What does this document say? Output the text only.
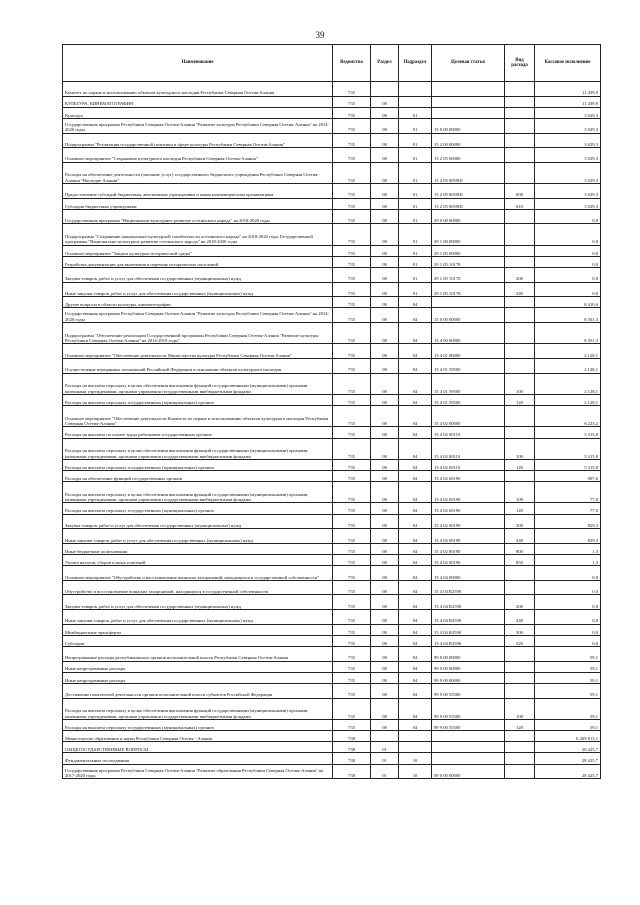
39
Наименование	Ведомство	Раздел	Подраздел	Целевая статья	Вид расхода	Кассовое исполнение
Комитет по охране и использованию объектов культурного наследия Республики Северная Осетия-Алания	735					11 439,9
КУЛЬТУРА, КИНЕМАТОГРАФИЯ	735	08				11 439,9
Культура	735	08	01			3 029,3
Государственная программа Республики Северная Осетия-Алания "Развитие культуры Республики Северная Осетия-Алания" на 2014-2020 годы	735	08	01	15 0 00 00000		3 029,3
Подпрограмма "Реализация государственной политики в сфере культуры Республики Северная Осетия-Алания"	735	08	01	15 2 00 00000		3 029,3
Основное мероприятие "Сохранение культурного наследия Республики Северная Осетия-Алания"	735	08	01	15 2 05 00000		3 029,3
Расходы на обеспечение деятельности (оказание услуг) государственного бюджетного учреждения Республики Северная Осетия-Алания "Наследие Алании"	735	08	01	15 2 05 0059Ш		3 029,3
Предоставление субсидий бюджетным, автономным учреждениям и иным некоммерческим организациям	735	08	01	15 2 05 0059Ш	600	3 029,3
Субсидии бюджетным учреждениям	735	08	01	15 2 05 0059Ш	610	3 029,3
Государственная программа "Национально-культурное развитие осетинского народа" на 2018-2020 годы	735	08	01	29 0 00 00000		0,0
Подпрограмма "Сохранение национально-культурной самобытности осетинского народа" на 2018-2020 годы Государственной программы "Национально-культурное развитие осетинского народа" на 2018-2020 годы	735	08	01	29 1 00 00000		0,0
Основное мероприятие "Защита культурно-исторической среды"	735	08	01	29 1 05 00000		0,0
Разработка документации для включения в перечень исторических поселений	735	08	01	29 1 05 10178		0,0
Закупка товаров, работ и услуг для обеспечения государственных (муниципальных) нужд	735	08	01	29 1 05 10178	200	0,0
Иные закупки товаров, работ и услуг для обеспечения государственных (муниципальных) нужд	735	08	01	29 1 05 10178	240	0,0
Другие вопросы в области культуры, кинематографии	735	08	04			8 410,6
Государственная программа Республики Северная Осетия-Алания "Развитие культуры Республики Северная Осетия-Алания" на 2014-2020 годы	735	08	04	15 0 00 00000		8 351,3
Подпрограмма "Обеспечение реализации Государственной программы Республики Северная Осетия-Алания "Развитие культуры Республики Северная Осетия-Алания" на 2014-2018 годы"	735	08	04	15 4 00 00000		8 351,3
Основное мероприятие "Обеспечение деятельности Министерства культуры Республики Северная Осетия-Алания"	735	08	04	15 4 01 00000		2 128,1
Осуществление переданных полномочий Российской Федерации в отношении объектов культурного наследия	735	08	04	15 4 01 59500		2 128,1
Расходы на выплаты персоналу в целях обеспечения выполнения функций государственными (муниципальными) органами, казенными учреждениями, органами управления государственными внебюджетными фондами	735	08	04	15 4 01 59500	100	2 128,1
Расходы на выплаты персоналу государственных (муниципальных) органов	735	08	04	15 4 01 59500	120	2 128,1
Основное мероприятие "Обеспечение деятельности Комитета по охране и использованию объектов культурного наследия Республики Северная Осетия-Алания"	735	08	04	15 4 02 00000		6 223,2
Расходы на выплаты по оплате труда работников государственных органов	735	08	04	15 4 02 00110		5 315,8
Расходы на выплаты персоналу в целях обеспечения выполнения функций государственными (муниципальными) органами, казенными учреждениями, органами управления государственными внебюджетными фондами	735	08	04	15 4 02 00110	100	5 315,8
Расходы на выплаты персоналу государственных (муниципальных) органов	735	08	04	15 4 02 00110	120	5 315,8
Расходы на обеспечение функций государственных органов	735	08	04	15 4 02 00190		907,6
Расходы на выплаты персоналу в целях обеспечения выполнения функций государственными (муниципальными) органами, казенными учреждениями, органами управления государственными внебюджетными фондами	735	08	04	15 4 02 00190	100	77,0
Расходы на выплаты персоналу государственных (муниципальных) органов	735	08	04	15 4 02 00190	120	77,0
Закупка товаров, работ и услуг для обеспечения государственных (муниципальных) нужд	735	08	04	15 4 02 00190	200	829,3
Иные закупки товаров, работ и услуг для обеспечения государственных (муниципальных) нужд	735	08	04	15 4 02 00190	240	829,3
Иные бюджетные ассигнования	735	08	04	15 4 02 00190	800	1,3
Уплата налогов, сборов и иных платежей	735	08	04	15 4 02 00190	850	1,3
Основное мероприятие "Обустройство и восстановление воинских захоронений, находящихся в государственной собственности"	735	08	04	15 4 04 00000		0,0
Обустройство и восстановление воинских захоронений, находящихся в государственной собственности	735	08	04	15 4 04 R2590		0,0
Закупка товаров, работ и услуг для обеспечения государственных (муниципальных) нужд	735	08	04	15 4 04 R2590	200	0,0
Иные закупки товаров, работ и услуг для обеспечения государственных (муниципальных) нужд	735	08	04	15 4 04 R2590	240	0,0
Межбюджетные трансферты	735	08	04	15 4 04 R2590	500	0,0
Субсидии	735	08	04	15 4 04 R2590	520	0,0
Непрограммные расходы республиканских органов исполнительной власти Республики Северная Осетия-Алания	735	08	04	99 0 00 00000		59,1
Иные непрограммные расходы	735	08	04	99 9 00 00000		59,1
Иные непрограммные расходы	735	08	04	99 9 00 00000		59,1
Достижение показателей деятельности органов исполнительной власти субъектов Российской Федерации	735	08	04	99 9 00 55500		59,1
Расходы на выплаты персоналу в целях обеспечения выполнения функций государственными (муниципальными) органами, казенными учреждениями, органами управления государственными внебюджетными фондами	735	08	04	99 9 00 55500	100	59,1
Расходы на выплаты персоналу государственных (муниципальных) органов	735	08	04	99 9 00 55500	120	59,1
Министерство образования и науки Республики Северная Осетия - Алания	738					6 269 813,1
ОБЩЕГОСУДАРСТВЕННЫЕ ВОПРОСЫ	738	01				28 425,7
Фундаментальные исследования	738	01	10			28 425,7
Государственная программа Республики Северная Осетия-Алания "Развитие образования Республики Северная Осетия-Алания" на 2017-2020 годы	738	01	10	09 0 00 00000		28 425,7
